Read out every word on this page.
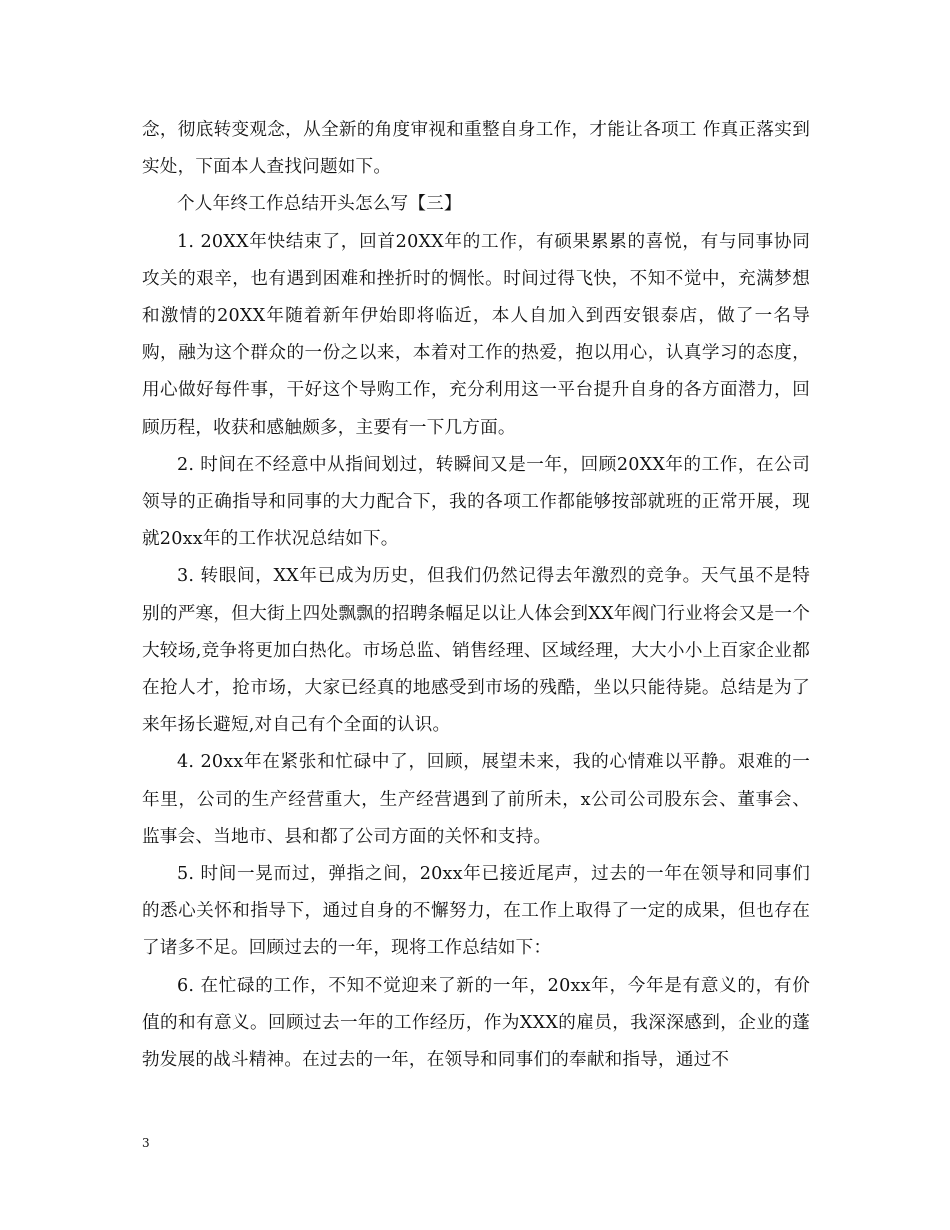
念，彻底转变观念，从全新的角度审视和重整自身工作，才能让各项工 作真正落实到实处，下面本人查找问题如下。

个人年终工作总结开头怎么写【三】

1. 20XX年快结束了，回首20XX年的工作，有硕果累累的喜悦，有与同事协同攻关的艰辛，也有遇到困难和挫折时的惆怅。时间过得飞快，不知不觉中，充满梦想和激情的20XX年随着新年伊始即将临近，本人自加入到西安银泰店，做了一名导购，融为这个群众的一份之以来，本着对工作的热爱，抱以用心，认真学习的态度，用心做好每件事，干好这个导购工作，充分利用这一平台提升自身的各方面潜力，回顾历程，收获和感触颇多，主要有一下几方面。

2. 时间在不经意中从指间划过，转瞬间又是一年，回顾20XX年的工作，在公司领导的正确指导和同事的大力配合下，我的各项工作都能够按部就班的正常开展，现就20xx年的工作状况总结如下。

3. 转眼间，XX年已成为历史，但我们仍然记得去年激烈的竞争。天气虽不是特别的严寒，但大街上四处飘飘的招聘条幅足以让人体会到XX年阀门行业将会又是一个大较场,竞争将更加白热化。市场总监、销售经理、区域经理，大大小小上百家企业都在抢人才，抢市场，大家已经真的地感受到市场的残酷，坐以只能待毙。总结是为了来年扬长避短,对自己有个全面的认识。

4. 20xx年在紧张和忙碌中了，回顾，展望未来，我的心情难以平静。艰难的一年里，公司的生产经营重大，生产经营遇到了前所未，x公司公司股东会、董事会、监事会、当地市、县和都了公司方面的关怀和支持。

5. 时间一晃而过，弹指之间，20xx年已接近尾声，过去的一年在领导和同事们的悉心关怀和指导下，通过自身的不懈努力，在工作上取得了一定的成果，但也存在了诸多不足。回顾过去的一年，现将工作总结如下：

6. 在忙碌的工作，不知不觉迎来了新的一年，20xx年，今年是有意义的，有价值的和有意义。回顾过去一年的工作经历，作为XXX的雇员，我深深感到，企业的蓬勃发展的战斗精神。在过去的一年，在领导和同事们的奉献和指导，通过不

3
